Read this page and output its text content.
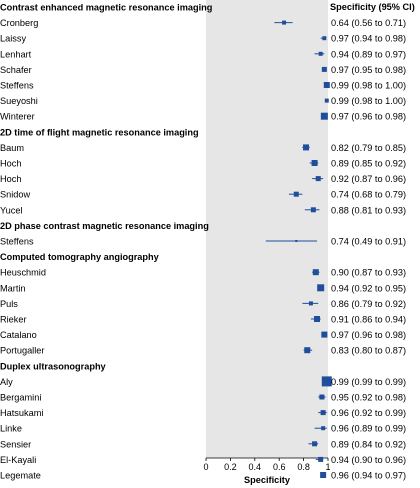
0 0.2 0.4 0.6 0.8 1
Contrast enhanced magnetic resonance imaging
Cronberg	0.64 (0.56 to 0.71)
Laissy	0.97 (0.94 to 0.98)
Lenhart	0.94 (0.89 to 0.97)
Schafer	0.97 (0.95 to 0.98)
Steffens	0.99 (0.98 to 1.00)
Sueyoshi	0.99 (0.98 to 1.00)
Winterer	0.97 (0.96 to 0.98)
2D time of flight magnetic resonance imaging
Baum	0.82 (0.79 to 0.85)
Hoch	0.89 (0.85 to 0.92)
Hoch	0.92 (0.87 to 0.96)
Snidow	0.74 (0.68 to 0.79)
Yucel	0.88 (0.81 to 0.93)
2D phase contrast magnetic resonance imaging
Steffens	0.74 (0.49 to 0.91)
Computed tomography angiography
Heuschmid	0.90 (0.87 to 0.93)
Martin	0.94 (0.92 to 0.95)
Puls	0.86 (0.79 to 0.92)
Rieker	0.91 (0.86 to 0.94)
Catalano	0.97 (0.96 to 0.98)
Portugaller	0.83 (0.80 to 0.87)
Duplex ultrasonography
Aly	0.99 (0.99 to 0.99)
Bergamini	0.95 (0.92 to 0.98)
Hatsukami	0.96 (0.92 to 0.99)
Linke	0.96 (0.89 to 0.99)
Sensier	0.89 (0.84 to 0.92)
El-Kayali	0.94 (0.90 to 0.96)
Legemate	0.96 (0.94 to 0.97)
Specificity (95% CI)
Specificity
